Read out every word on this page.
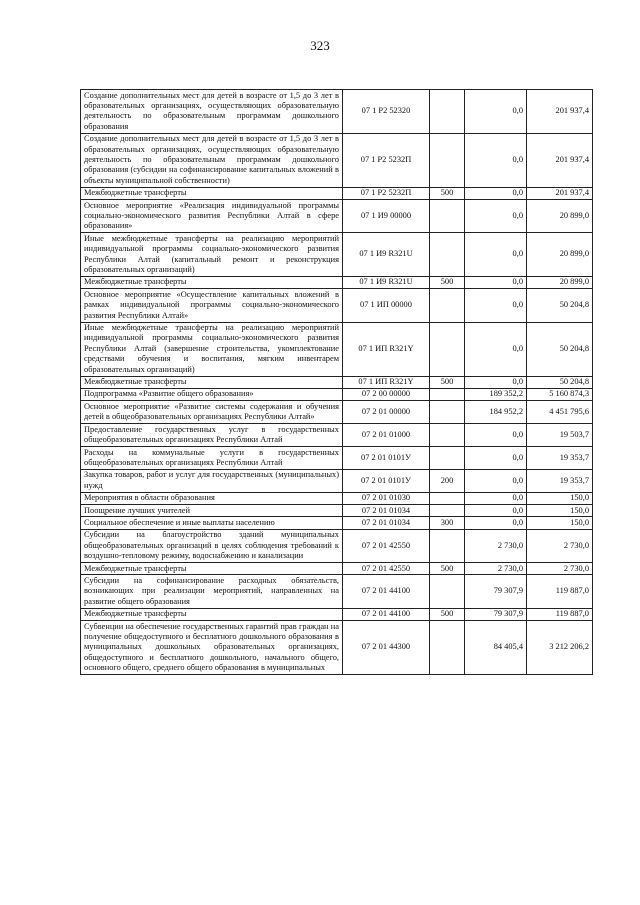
323
Создание дополнительных мест для детей в возрасте от 1,5 до 3 лет в образовательных организациях, осуществляющих образовательную деятельность по образовательным программам дошкольного образования	07 1 P2 52320		0,0	201 937,4
Создание дополнительных мест для детей в возрасте от 1,5 до 3 лет в образовательных организациях, осуществляющих образовательную деятельность по образовательным программам дошкольного образования (субсидии на софинансирование капитальных вложений в объекты муниципальной собственности)	07 1 P2 5232П		0,0	201 937,4
Межбюджетные трансферты	07 1 P2 5232П	500	0,0	201 937,4
Основное мероприятие «Реализация индивидуальной программы социально-экономического развития Республики Алтай в сфере образования»	07 1 И9 00000		0,0	20 899,0
Иные межбюджетные трансферты на реализацию мероприятий индивидуальной программы социально-экономического развития Республики Алтай (капитальный ремонт и реконструкция образовательных организаций)	07 1 И9 R321U		0,0	20 899,0
Межбюджетные трансферты	07 1 И9 R321U	500	0,0	20 899,0
Основное мероприятие «Осуществление капитальных вложений в рамках индивидуальной программы социально-экономического развития Республики Алтай»	07 1 ИП 00000		0,0	50 204,8
Иные межбюджетные трансферты на реализацию мероприятий индивидуальной программы социально-экономического развития Республики Алтай (завершение строительства, укомплектование средствами обучения и воспитания, мягким инвентарем образовательных организаций)	07 1 ИП R321Y		0,0	50 204,8
Межбюджетные трансферты	07 1 ИП R321Y	500	0,0	50 204,8
Подпрограмма «Развитие общего образования»	07 2 00 00000		189 352,2	5 160 874,3
Основное мероприятие «Развитие системы содержания и обучения детей в общеобразовательных организациях Республики Алтай»	07 2 01 00000		184 952,2	4 451 795,6
Предоставление государственных услуг в государственных общеобразовательных организациях Республики Алтай	07 2 01 01000		0,0	19 503,7
Расходы на коммунальные услуги в государственных общеобразовательных организациях Республики Алтай	07 2 01 0101У		0,0	19 353,7
Закупка товаров, работ и услуг для государственных (муниципальных) нужд	07 2 01 0101У	200	0,0	19 353,7
Мероприятия в области образования	07 2 01 01030		0,0	150,0
Поощрение лучших учителей	07 2 01 01034		0,0	150,0
Социальное обеспечение и иные выплаты населению	07 2 01 01034	300	0,0	150,0
Субсидии на благоустройство зданий муниципальных общеобразовательных организаций в целях соблюдения требований к воздушно-тепловому режиму, водоснабжению и канализации	07 2 01 42550		2 730,0	2 730,0
Межбюджетные трансферты	07 2 01 42550	500	2 730,0	2 730,0
Субсидии на софинансирование расходных обязательств, возникающих при реализации мероприятий, направленных на развитие общего образования	07 2 01 44100		79 307,9	119 887,0
Межбюджетные трансферты	07 2 01 44100	500	79 307,9	119 887,0
Субвенции на обеспечение государственных гарантий прав граждан на получение общедоступного и бесплатного дошкольного образования в муниципальных дошкольных образовательных организациях, общедоступного и бесплатного дошкольного, начального общего, основного общего, среднего общего образования в муниципальных	07 2 01 44300		84 405,4	3 212 206,2
